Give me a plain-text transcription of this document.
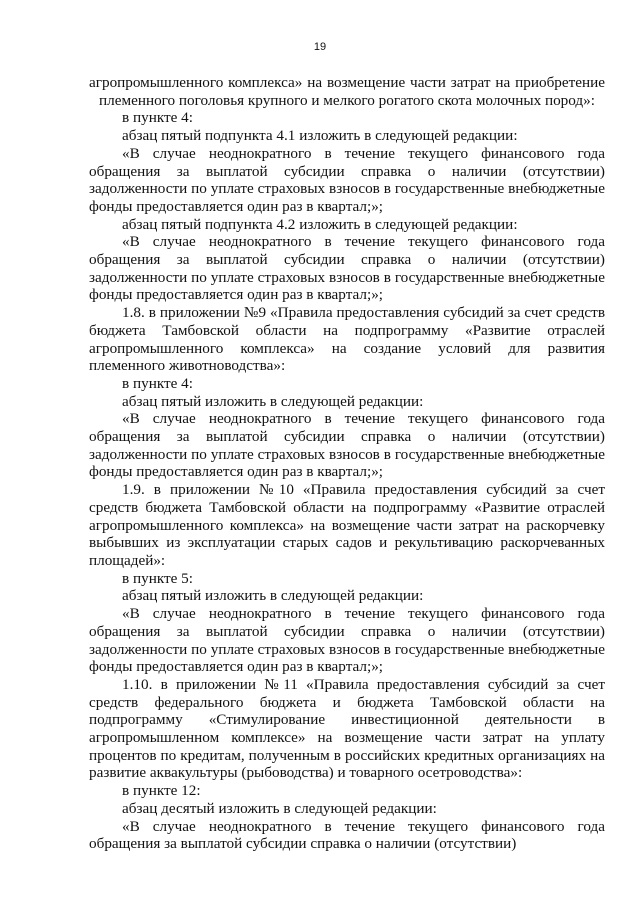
19

агропромышленного комплекса» на возмещение части затрат на приобретение племенного поголовья крупного и мелкого рогатого скота молочных пород»:

в пункте 4:

абзац пятый подпункта 4.1 изложить в следующей редакции:

«В случае неоднократного в течение текущего финансового года обращения за выплатой субсидии справка о наличии (отсутствии) задолженности по уплате страховых взносов в государственные внебюджетные фонды предоставляется один раз в квартал;»;

абзац пятый подпункта 4.2 изложить в следующей редакции:

«В случае неоднократного в течение текущего финансового года обращения за выплатой субсидии справка о наличии (отсутствии) задолженности по уплате страховых взносов в государственные внебюджетные фонды предоставляется один раз в квартал;»;

1.8. в приложении №9 «Правила предоставления субсидий за счет средств бюджета Тамбовской области на подпрограмму «Развитие отраслей агропромышленного комплекса» на создание условий для развития племенного животноводства»:

в пункте 4:

абзац пятый изложить в следующей редакции:

«В случае неоднократного в течение текущего финансового года обращения за выплатой субсидии справка о наличии (отсутствии) задолженности по уплате страховых взносов в государственные внебюджетные фонды предоставляется один раз в квартал;»;

1.9. в приложении №10 «Правила предоставления субсидий за счет средств бюджета Тамбовской области на подпрограмму «Развитие отраслей агропромышленного комплекса» на возмещение части затрат на раскорчевку выбывших из эксплуатации старых садов и рекультивацию раскорчеванных площадей»:

в пункте 5:

абзац пятый изложить в следующей редакции:

«В случае неоднократного в течение текущего финансового года обращения за выплатой субсидии справка о наличии (отсутствии) задолженности по уплате страховых взносов в государственные внебюджетные фонды предоставляется один раз в квартал;»;

1.10. в приложении №11 «Правила предоставления субсидий за счет средств федерального бюджета и бюджета Тамбовской области на подпрограмму «Стимулирование инвестиционной деятельности в агропромышленном комплексе» на возмещение части затрат на уплату процентов по кредитам, полученным в российских кредитных организациях на развитие аквакультуры (рыбоводства) и товарного осетроводства»:

в пункте 12:

абзац десятый изложить в следующей редакции:

«В случае неоднократного в течение текущего финансового года обращения за выплатой субсидии справка о наличии (отсутствии)
